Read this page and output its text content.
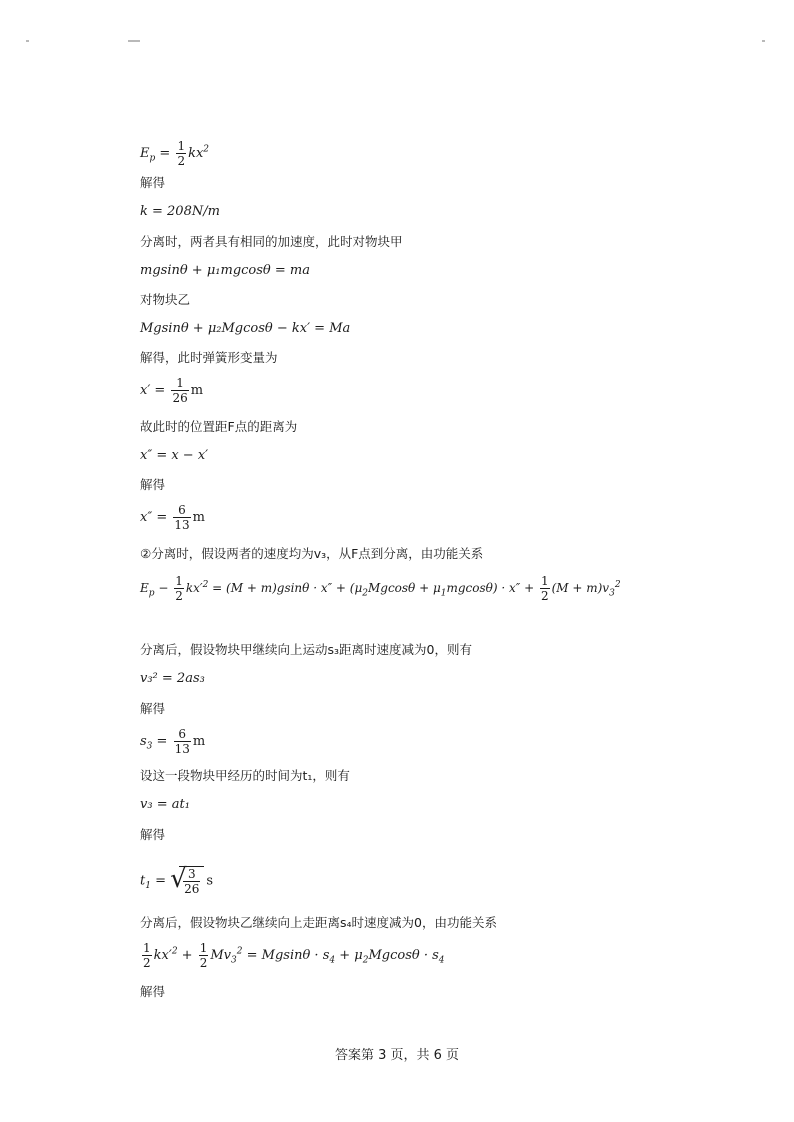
$E_p = \frac{1}{2} kx^2$
解得
k = 208N/m
分离时，两者具有相同的加速度，此时对物块甲
mgsinθ + μ₁mgcosθ = ma
对物块乙
Mgsinθ + μ₂Mgcosθ − kx′ = Ma
解得，此时弹簧形变量为
$x' = \frac{1}{26}$ m
故此时的位置距F点的距离为
x″ = x − x′
解得
$x'' = \frac{6}{13}$ m
②分离时，假设两者的速度均为v₃，从F点到分离，由功能关系
$E_p - \frac{1}{2} kx'^2 = (M + m)gsin\theta \cdot x'' + (\mu_2Mgcos\theta + \mu_1mgcos\theta) \cdot x'' + \frac{1}{2} (M + m)v_3^2$
分离后，假设物块甲继续向上运动s₃距离时速度减为0，则有
v₃² = 2as₃
解得
$s_3 = \frac{6}{13}$ m
设这一段物块甲经历的时间为t₁，则有
v₃ = at₁
解得
$t_1$ = √
$\frac{3}{26}$ s
分离后，假设物块乙继续向上走距离s₄时速度减为0，由功能关系
$\frac{1}{2} kx'^2 + \frac{1}{2} Mv_3^2 = Mgsin\theta \cdot s_4 + \mu_2Mgcos\theta \cdot s_4$
解得
答案第 3 页，共 6 页
